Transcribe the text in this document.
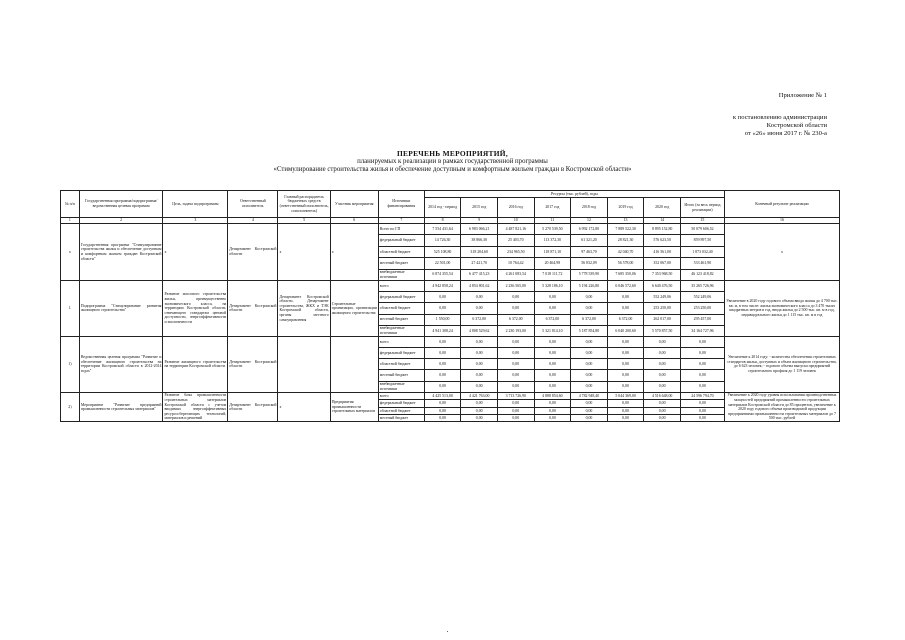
Приложение № 1
к постановлению администрации
Костромской области
от «26» июня 2017 г. № 230-а
ПЕРЕЧЕНЬ МЕРОПРИЯТИЙ,
планируемых к реализации в рамках государственной программы
«Стимулирование строительства жилья и обеспечение доступным и комфортным жильем граждан в Костромской области»
№ п/п	Государственная программа/подпрограмма/ведомственная целевая программа	Цель, задача подпрограммы	Ответственный исполнитель	Главный распорядитель бюджетных средств (ответственный исполнитель, соисполнитель)	Участник мероприятия	Источники финансирования	Ресурсы (тыс. рублей), годы								Конечный результат реализации
							2014 год - период	2015 год	2016 год	2017 год	2018 год	2019 год	2020 год	Итого (за весь период реализации)	
1	2	3	4	5	6	7	8	9	10	11	12	13	14	15	16
х	Государственная программа "Стимулирование строительства жилья и обеспечение доступным и комфортным жильем граждан Костромской области"	х	Департамент Костромской области	х	х	Всего по ГП	7 554 431,64	6 983 066,21	4 487 821,16	5 270 539,50	6 992 172,80	7 889 522,30	8 895 152,80	50 079 606,52	х
						федеральный бюджет	14 726,30	38 866,30	25 403,70	113 372,30	61 321,20	28 821,30	576 623,50	859 897,50	
						областной бюджет	525 108,80	318 204,60	234 965,50	118 871,10	97 463,70	42 040,70	416 561,00	1 873 032,40	
						местный бюджет	22 501,00	27 421,70	10 764,42	20 464,98	56 832,09	56 578,00	352 067,00	533 461,90	
						внебюджетные источники	6 874 355,54	6 477 415,23	4 261 083,54	7 018 111,72	5 778 539,90	7 685 350,06	7 353 968,50	46 123 418,82	
1.	Подпрограмма "Стимулирование развития жилищного строительства"	Развитие массового строительства жилья, преимущественно экономического класса, на территории Костромской области, отвечающего стандартам ценовой доступности, энергоэффективности и экологичности	Департамент Костромской области	Департамент Костромской области, Департамент строительства, ЖКХ и ТЭК Костромской области, органы местного самоуправления	Строительные организации, организации жилищного строительства	всего	4 942 858,24	4 854 801,62	2 236 565,00	5 328 186,10	5 194 226,80	6 046 572,60	6 640 476,50	35 265 726,96	Увеличение в 2020 году годового объема ввода жилья до 4 700 тыс. кв. м, в том числе: жилья экономического класса до 3 470 тысяч квадратных метров в год, ввода жилья до 2 500 тыс. кв. м в год, индивидуального жилья до 1 115 тыс. кв. м в год
						федеральный бюджет	0,00	0,00	0,00	0,00	0,00	0,00	552 249,06	552 249,06	
						областной бюджет	0,00	0,00	0,00	0,00	0,00	0,00	253 250,00	253 250,00	
						местный бюджет	1 550,00	6 372,00	6 372,00	6 372,00	6 372,00	6 372,00	262 017,00	295 457,00	
						внебюджетные источники	4 941 308,24	4 808 529,62	2 230 193,00	5 321 814,10	5 187 854,80	6 040 200,60	5 570 857,50	34 164 727,96	
1)	Ведомственная целевая программа "Развитие и обеспечение жилищного строительства на территории Костромской области в 2012-2014 годах"	Развитие жилищного строительства на территории Костромской области	Департамент Костромской области			всего	0,00	0,00	0,00	0,00	0,00	0,00	0,00	0,00	Увеличение к 2014 году: - количества обеспечения строительных стандартов жилья, доступных и объем жилищного строительства, до 6 623 человек; - годового объема выпуска предприятий строительного профиля до 1 119 человек
						федеральный бюджет	0,00	0,00	0,00	0,00	0,00	0,00	0,00	0,00	
						областной бюджет	0,00	0,00	0,00	0,00	0,00	0,00	0,00	0,00	
						местный бюджет	0,00	0,00	0,00	0,00	0,00	0,00	0,00	0,00	
						внебюджетные источники	0,00	0,00	0,00	0,00	0,00	0,00	0,00	0,00	
2)	Мероприятие "Развитие предприятий промышленности строительных материалов"	Развитие базы промышленности строительных материалов Костромской области с учетом вводимых энергоэффективных ресурсосберегающих технологий, материалов и решений	Департамент Костромской области	х	Предприятия промышленности строительных материалов	всего	4 425 513,00	4 421 763,00	3 713 726,90	4 888 854,60	4 782 948,40	5 044 369,00	4 516 648,00	24 596 794,70	Увеличение к 2020 году уровня использования производственных мощностей предприятий промышленности строительных материалов Костромской области до 85 процентов, увеличение к 2020 году годового объема производимой продукции предприятиями промышленности строительных материалов до 7 500 тыс. рублей
						федеральный бюджет	0,00	0,00	0,00	0,00	0,00	0,00	0,00	0,00	
						областной бюджет	0,00	0,00	0,00	0,00	0,00	0,00	0,00	0,00	
						местный бюджет	0,00	0,00	0,00	0,00	0,00	0,00	0,00	0,00	
